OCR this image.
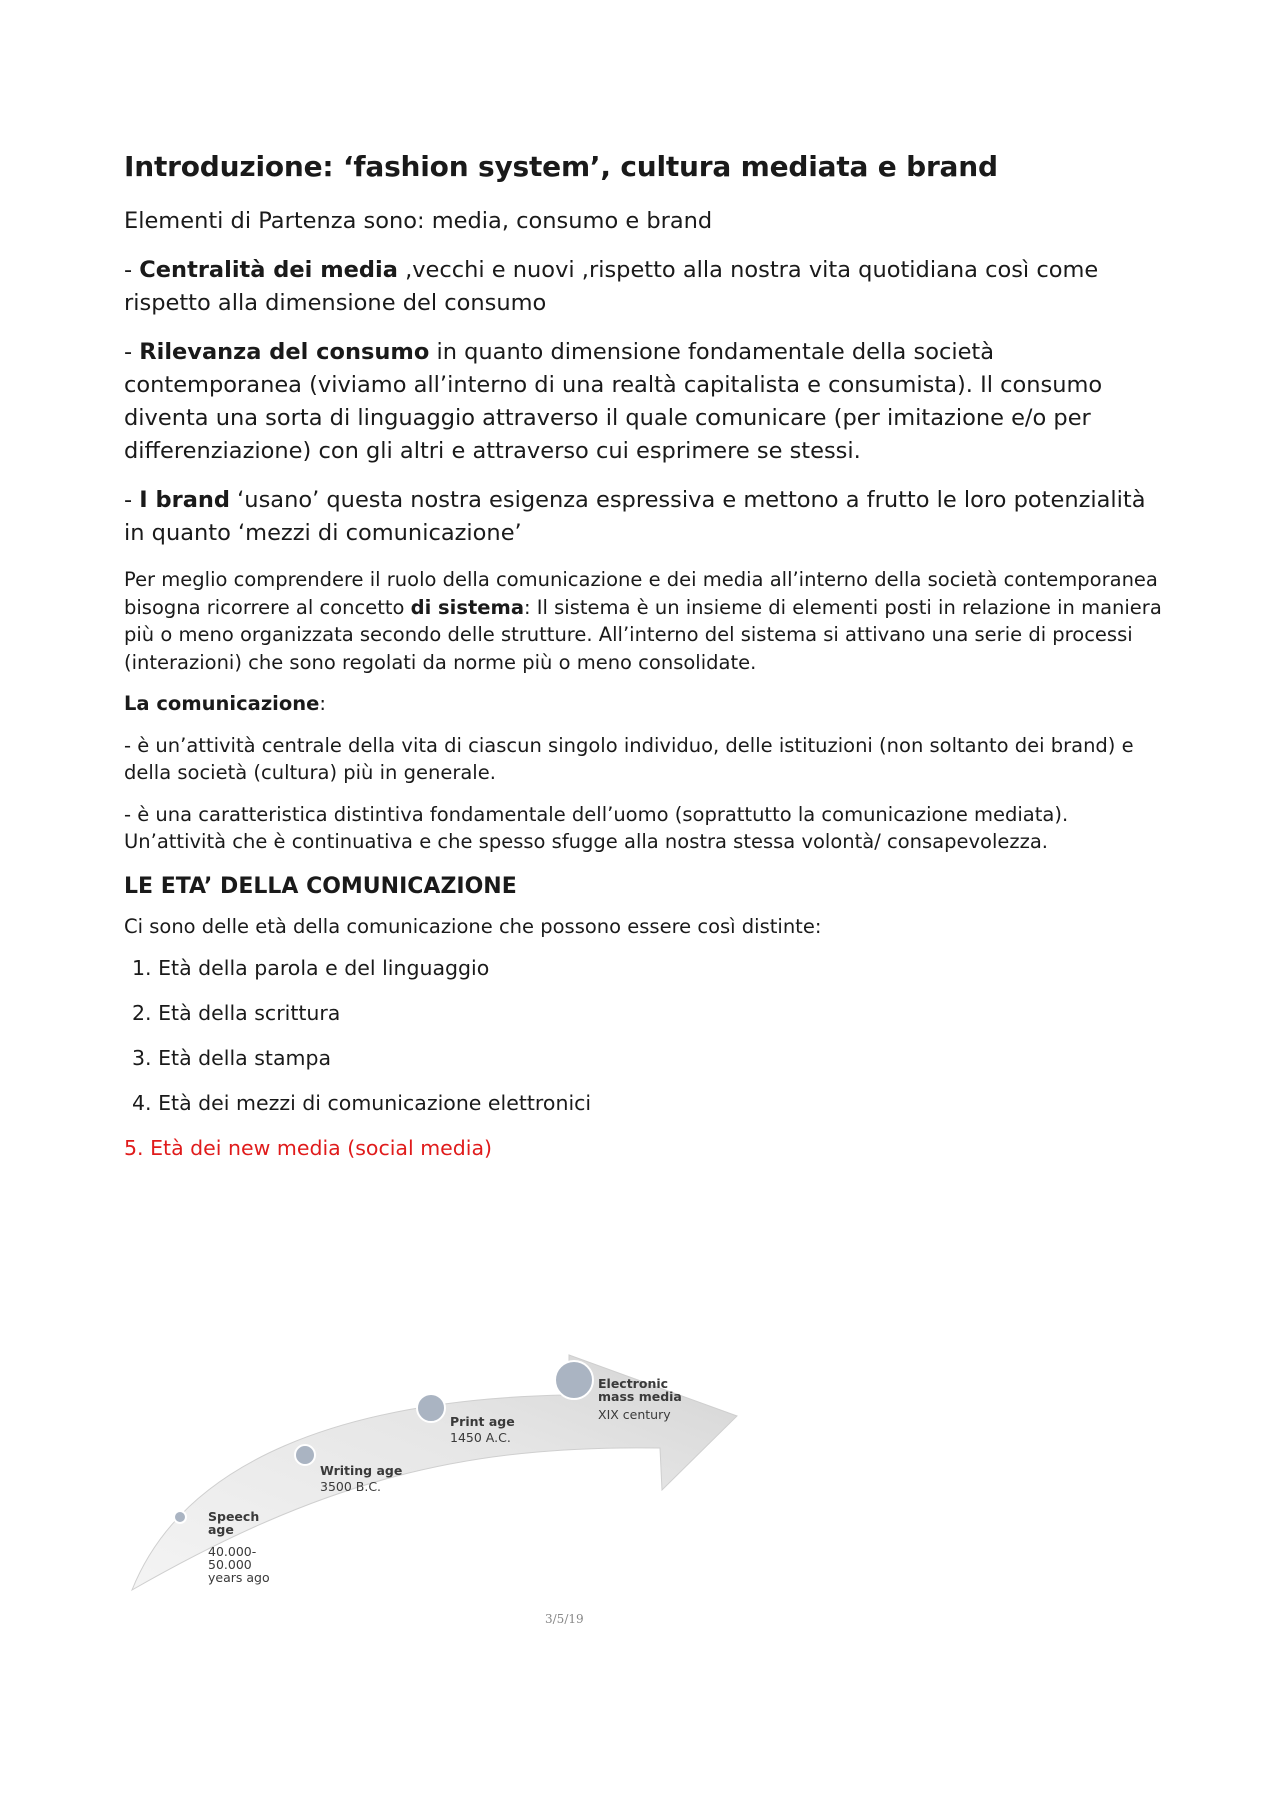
Introduzione: ‘fashion system’, cultura mediata e brand

Elementi di Partenza sono: media, consumo e brand

- Centralità dei media ,vecchi e nuovi ,rispetto alla nostra vita quotidiana così come rispetto alla dimensione del consumo

- Rilevanza del consumo in quanto dimensione fondamentale della società contemporanea (viviamo all’interno di una realtà capitalista e consumista). Il consumo diventa una sorta di linguaggio attraverso il quale comunicare (per imitazione e/o per differenziazione) con gli altri e attraverso cui esprimere se stessi.

- I brand ‘usano’ questa nostra esigenza espressiva e mettono a frutto le loro potenzialità in quanto ‘mezzi di comunicazione’

Per meglio comprendere il ruolo della comunicazione e dei media all’interno della società contemporanea bisogna ricorrere al concetto di sistema: Il sistema è un insieme di elementi posti in relazione in maniera più o meno organizzata secondo delle strutture. All’interno del sistema si attivano una serie di processi (interazioni) che sono regolati da norme più o meno consolidate.

La comunicazione:

- è un’attività centrale della vita di ciascun singolo individuo, delle istituzioni (non soltanto dei brand) e della società (cultura) più in generale.

- è una caratteristica distintiva fondamentale dell’uomo (soprattutto la comunicazione mediata). Un’attività che è continuativa e che spesso sfugge alla nostra stessa volontà/ consapevolezza.

LE ETA’ DELLA COMUNICAZIONE

Ci sono delle età della comunicazione che possono essere così distinte:

1. Età della parola e del linguaggio
2. Età della scrittura
3. Età della stampa
4. Età dei mezzi di comunicazione elettronici
5. Età dei new media (social media)
Speech age
40.000- 50.000 years ago
Writing age
3500 B.C.
Print age
1450 A.C.
Electronic mass media
XIX century
3/5/19
